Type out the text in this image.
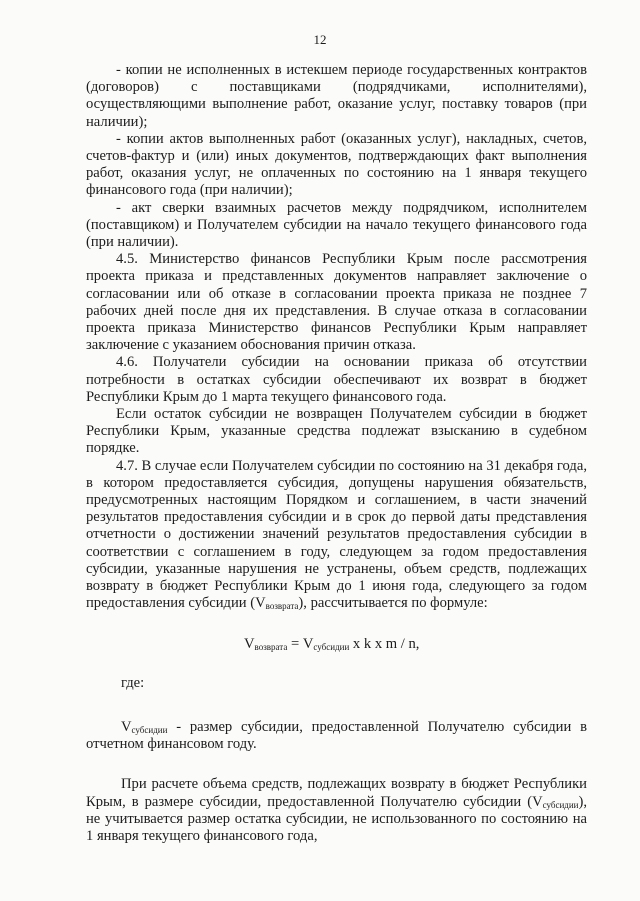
12

- копии не исполненных в истекшем периоде государственных контрактов (договоров) с поставщиками (подрядчиками, исполнителями), осуществляющими выполнение работ, оказание услуг, поставку товаров (при наличии);

- копии актов выполненных работ (оказанных услуг), накладных, счетов, счетов-фактур и (или) иных документов, подтверждающих факт выполнения работ, оказания услуг, не оплаченных по состоянию на 1 января текущего финансового года (при наличии);

- акт сверки взаимных расчетов между подрядчиком, исполнителем (поставщиком) и Получателем субсидии на начало текущего финансового года (при наличии).

4.5. Министерство финансов Республики Крым после рассмотрения проекта приказа и представленных документов направляет заключение о согласовании или об отказе в согласовании проекта приказа не позднее 7 рабочих дней после дня их представления. В случае отказа в согласовании проекта приказа Министерство финансов Республики Крым направляет заключение с указанием обоснования причин отказа.

4.6. Получатели субсидии на основании приказа об отсутствии потребности в остатках субсидии обеспечивают их возврат в бюджет Республики Крым до 1 марта текущего финансового года.

Если остаток субсидии не возвращен Получателем субсидии в бюджет Республики Крым, указанные средства подлежат взысканию в судебном порядке.

4.7. В случае если Получателем субсидии по состоянию на 31 декабря года, в котором предоставляется субсидия, допущены нарушения обязательств, предусмотренных настоящим Порядком и соглашением, в части значений результатов предоставления субсидии и в срок до первой даты представления отчетности о достижении значений результатов предоставления субсидии в соответствии с соглашением в году, следующем за годом предоставления субсидии, указанные нарушения не устранены, объем средств, подлежащих возврату в бюджет Республики Крым до 1 июня года, следующего за годом предоставления субсидии $(V_{возврата})$, рассчитывается по формуле:

$V_{возврата} = V_{субсидии}$ x k x m / n,
где:

$V_{субсидии}$ - размер субсидии, предоставленной Получателю субсидии в отчетном финансовом году.

При расчете объема средств, подлежащих возврату в бюджет Республики Крым, в размере субсидии, предоставленной Получателю субсидии $(V_{субсидии})$, не учитывается размер остатка субсидии, не использованного по состоянию на 1 января текущего финансового года,
